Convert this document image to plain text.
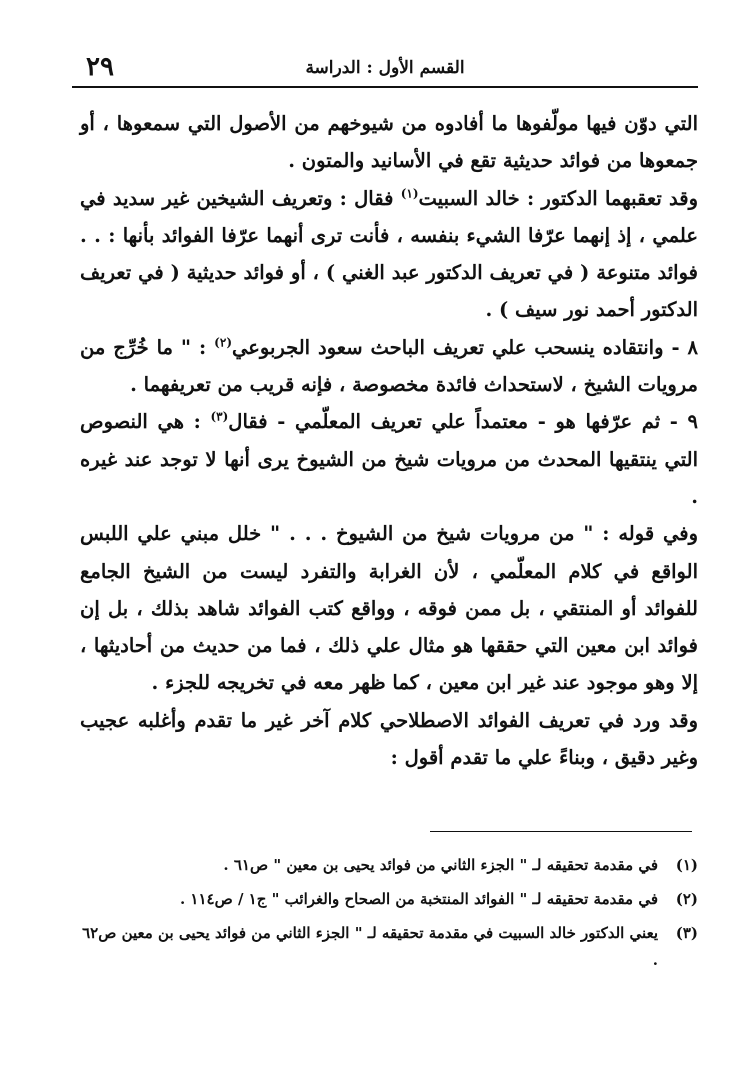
٢٩	القسم الأول : الدراسة

التي دوّن فيها مولّفوها ما أفادوه من شيوخهم من الأصول التي سمعوها ، أو جمعوها من فوائد حديثية تقع في الأسانيد والمتون .

وقد تعقبهما الدكتور : خالد السبيت$^{(١)}$ فقال : وتعريف الشيخين غير سديد في علمي ، إذ إنهما عرّفا الشيء بنفسه ، فأنت ترى أنهما عرّفا الفوائد بأنها : . . فوائد متنوعة ( في تعريف الدكتور عبد الغني ) ، أو فوائد حديثية ( في تعريف الدكتور أحمد نور سيف ) .

٨ - وانتقاده ينسحب علي تعريف الباحث سعود الجربوعي$^{(٢)}$ : " ما خُرِّج من مرويات الشيخ ، لاستحداث فائدة مخصوصة ، فإنه قريب من تعريفهما .

٩ - ثم عرّفها هو - معتمداً علي تعريف المعلّمي - فقال$^{(٣)}$ : هي النصوص التي ينتقيها المحدث من مرويات شيخ من الشيوخ يرى أنها لا توجد عند غيره .

وفي قوله : " من مرويات شيخ من الشيوخ . . . " خلل مبني علي اللبس الواقع في كلام المعلّمي ، لأن الغرابة والتفرد ليست من الشيخ الجامع للفوائد أو المنتقي ، بل ممن فوقه ، وواقع كتب الفوائد شاهد بذلك ، بل إن فوائد ابن معين التي حققها هو مثال علي ذلك ، فما من حديث من أحاديثها ، إلا وهو موجود عند غير ابن معين ، كما ظهر معه في تخريجه للجزء .

وقد ورد في تعريف الفوائد الاصطلاحي كلام آخر غير ما تقدم وأغلبه عجيب وغير دقيق ، وبناءً علي ما تقدم أقول :

(١)
في مقدمة تحقيقه لـ " الجزء الثاني من فوائد يحيى بن معين " ص٦١ .
(٢)
في مقدمة تحقيقه لـ " الفوائد المنتخبة من الصحاح والغرائب " ج١ / ص١١٤ .
(٣)
يعني الدكتور خالد السبيت في مقدمة تحقيقه لـ " الجزء الثاني من فوائد يحيى بن معين ص٦٢ .
